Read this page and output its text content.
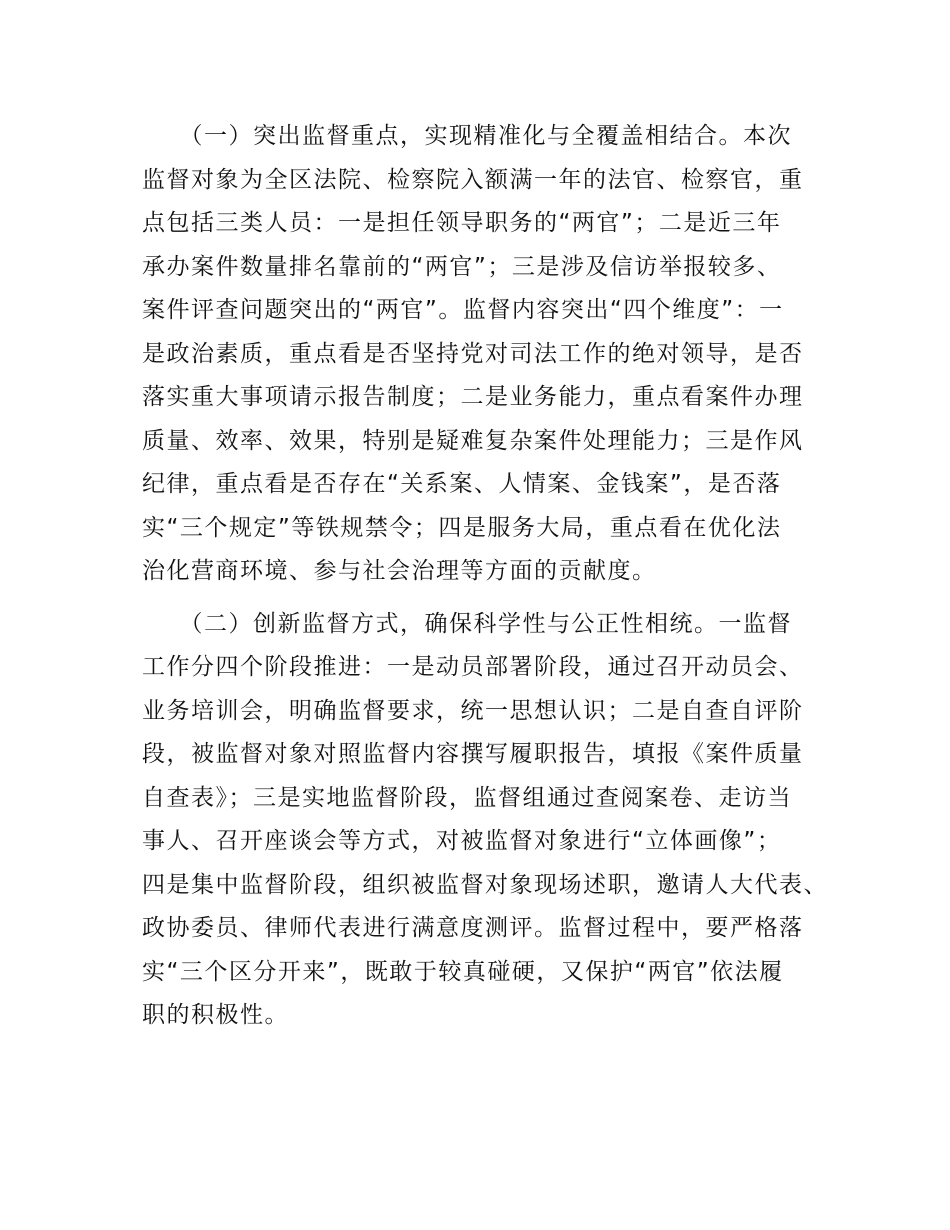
　　（一）突出监督重点，实现精准化与全覆盖相结合。本次

监督对象为全区法院、检察院入额满一年的法官、检察官，重

点包括三类人员：一是担任领导职务的“两官”；二是近三年

承办案件数量排名靠前的“两官”；三是涉及信访举报较多、

案件评查问题突出的“两官”。监督内容突出“四个维度”：一

是政治素质，重点看是否坚持党对司法工作的绝对领导，是否

落实重大事项请示报告制度；二是业务能力，重点看案件办理

质量、效率、效果，特别是疑难复杂案件处理能力；三是作风

纪律，重点看是否存在“关系案、人情案、金钱案”，是否落

实“三个规定”等铁规禁令；四是服务大局，重点看在优化法

治化营商环境、参与社会治理等方面的贡献度。

　　（二）创新监督方式，确保科学性与公正性相统。一监督

工作分四个阶段推进：一是动员部署阶段，通过召开动员会、

业务培训会，明确监督要求，统一思想认识；二是自查自评阶

段，被监督对象对照监督内容撰写履职报告，填报《案件质量

自查表》；三是实地监督阶段，监督组通过查阅案卷、走访当

事人、召开座谈会等方式，对被监督对象进行“立体画像”；

四是集中监督阶段，组织被监督对象现场述职，邀请人大代表、

政协委员、律师代表进行满意度测评。监督过程中，要严格落

实“三个区分开来”，既敢于较真碰硬，又保护“两官”依法履

职的积极性。
